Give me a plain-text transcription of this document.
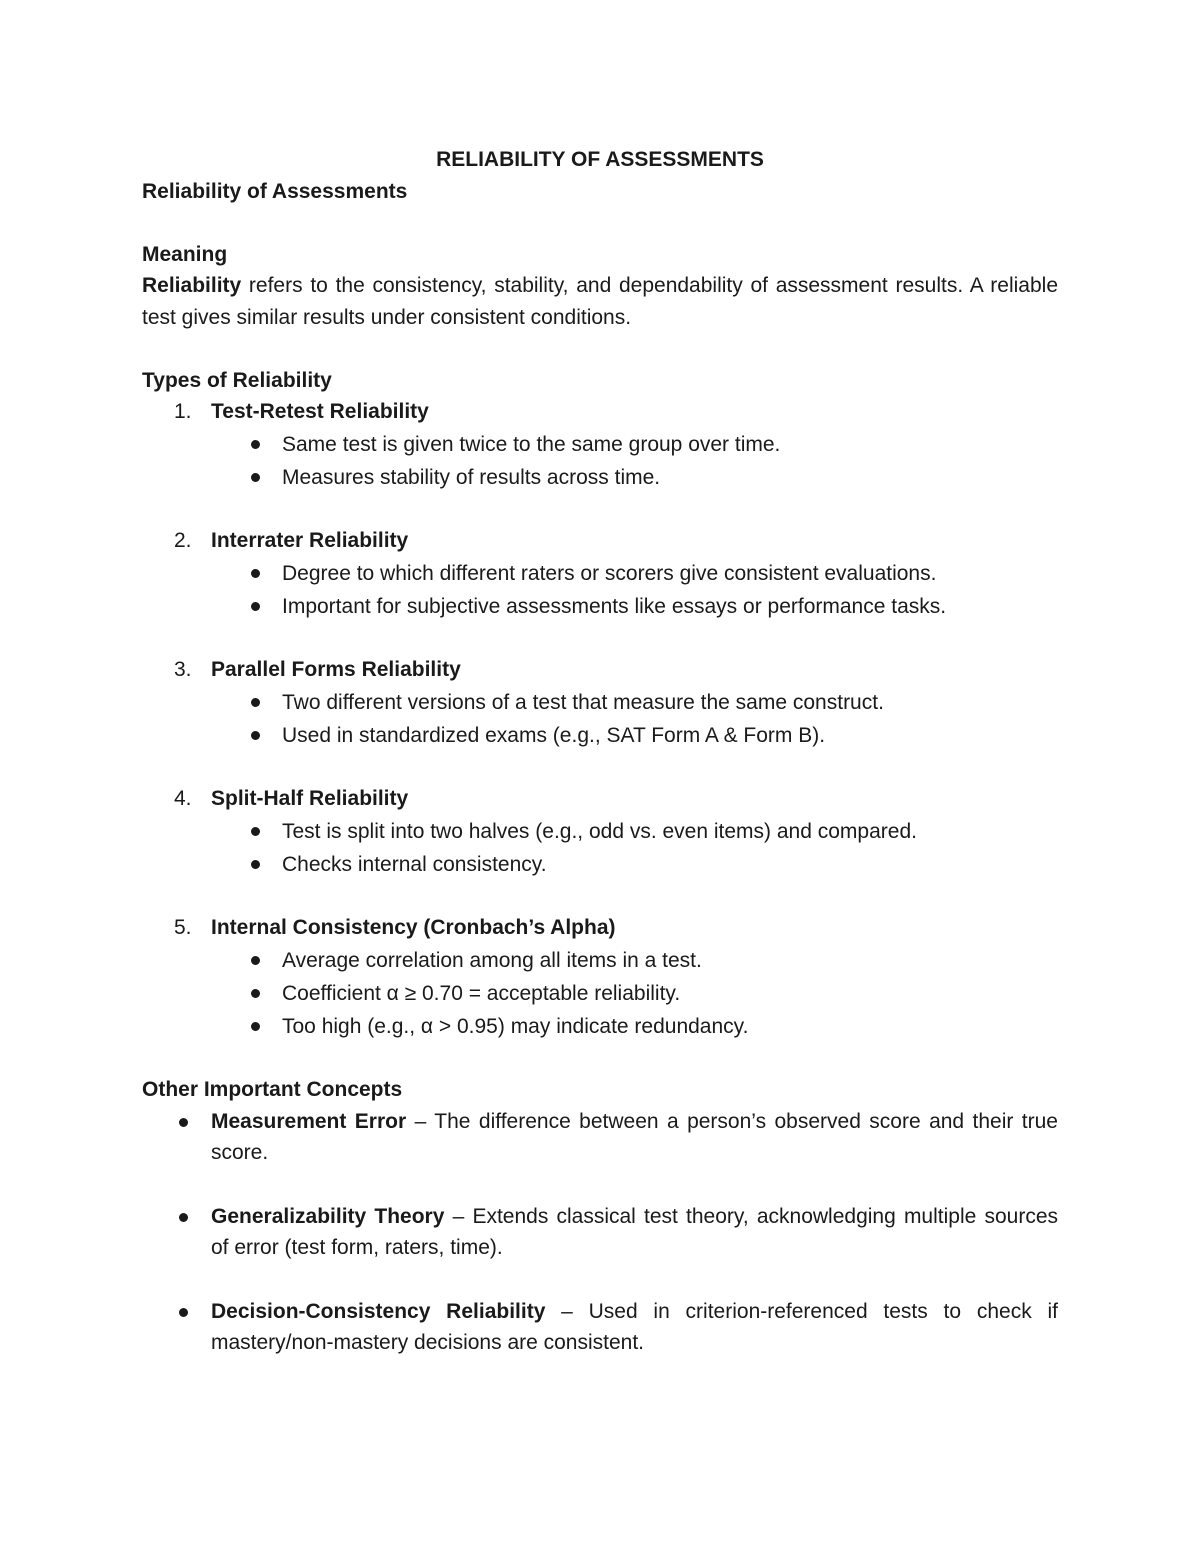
RELIABILITY OF ASSESSMENTS

Reliability of Assessments

Meaning

Reliability refers to the consistency, stability, and dependability of assessment results. A reliable test gives similar results under consistent conditions.

Types of Reliability

1. Test-Retest Reliability
Same test is given twice to the same group over time.
Measures stability of results across time.
2. Interrater Reliability
Degree to which different raters or scorers give consistent evaluations.
Important for subjective assessments like essays or performance tasks.
3. Parallel Forms Reliability
Two different versions of a test that measure the same construct.
Used in standardized exams (e.g., SAT Form A & Form B).
4. Split-Half Reliability
Test is split into two halves (e.g., odd vs. even items) and compared.
Checks internal consistency.
5. Internal Consistency (Cronbach’s Alpha)
Average correlation among all items in a test.
Coefficient α ≥ 0.70 = acceptable reliability.
Too high (e.g., α > 0.95) may indicate redundancy.

Other Important Concepts

Measurement Error – The difference between a person’s observed score and their true score.
Generalizability Theory – Extends classical test theory, acknowledging multiple sources of error (test form, raters, time).
Decision-Consistency Reliability – Used in criterion-referenced tests to check if mastery/non-mastery decisions are consistent.
